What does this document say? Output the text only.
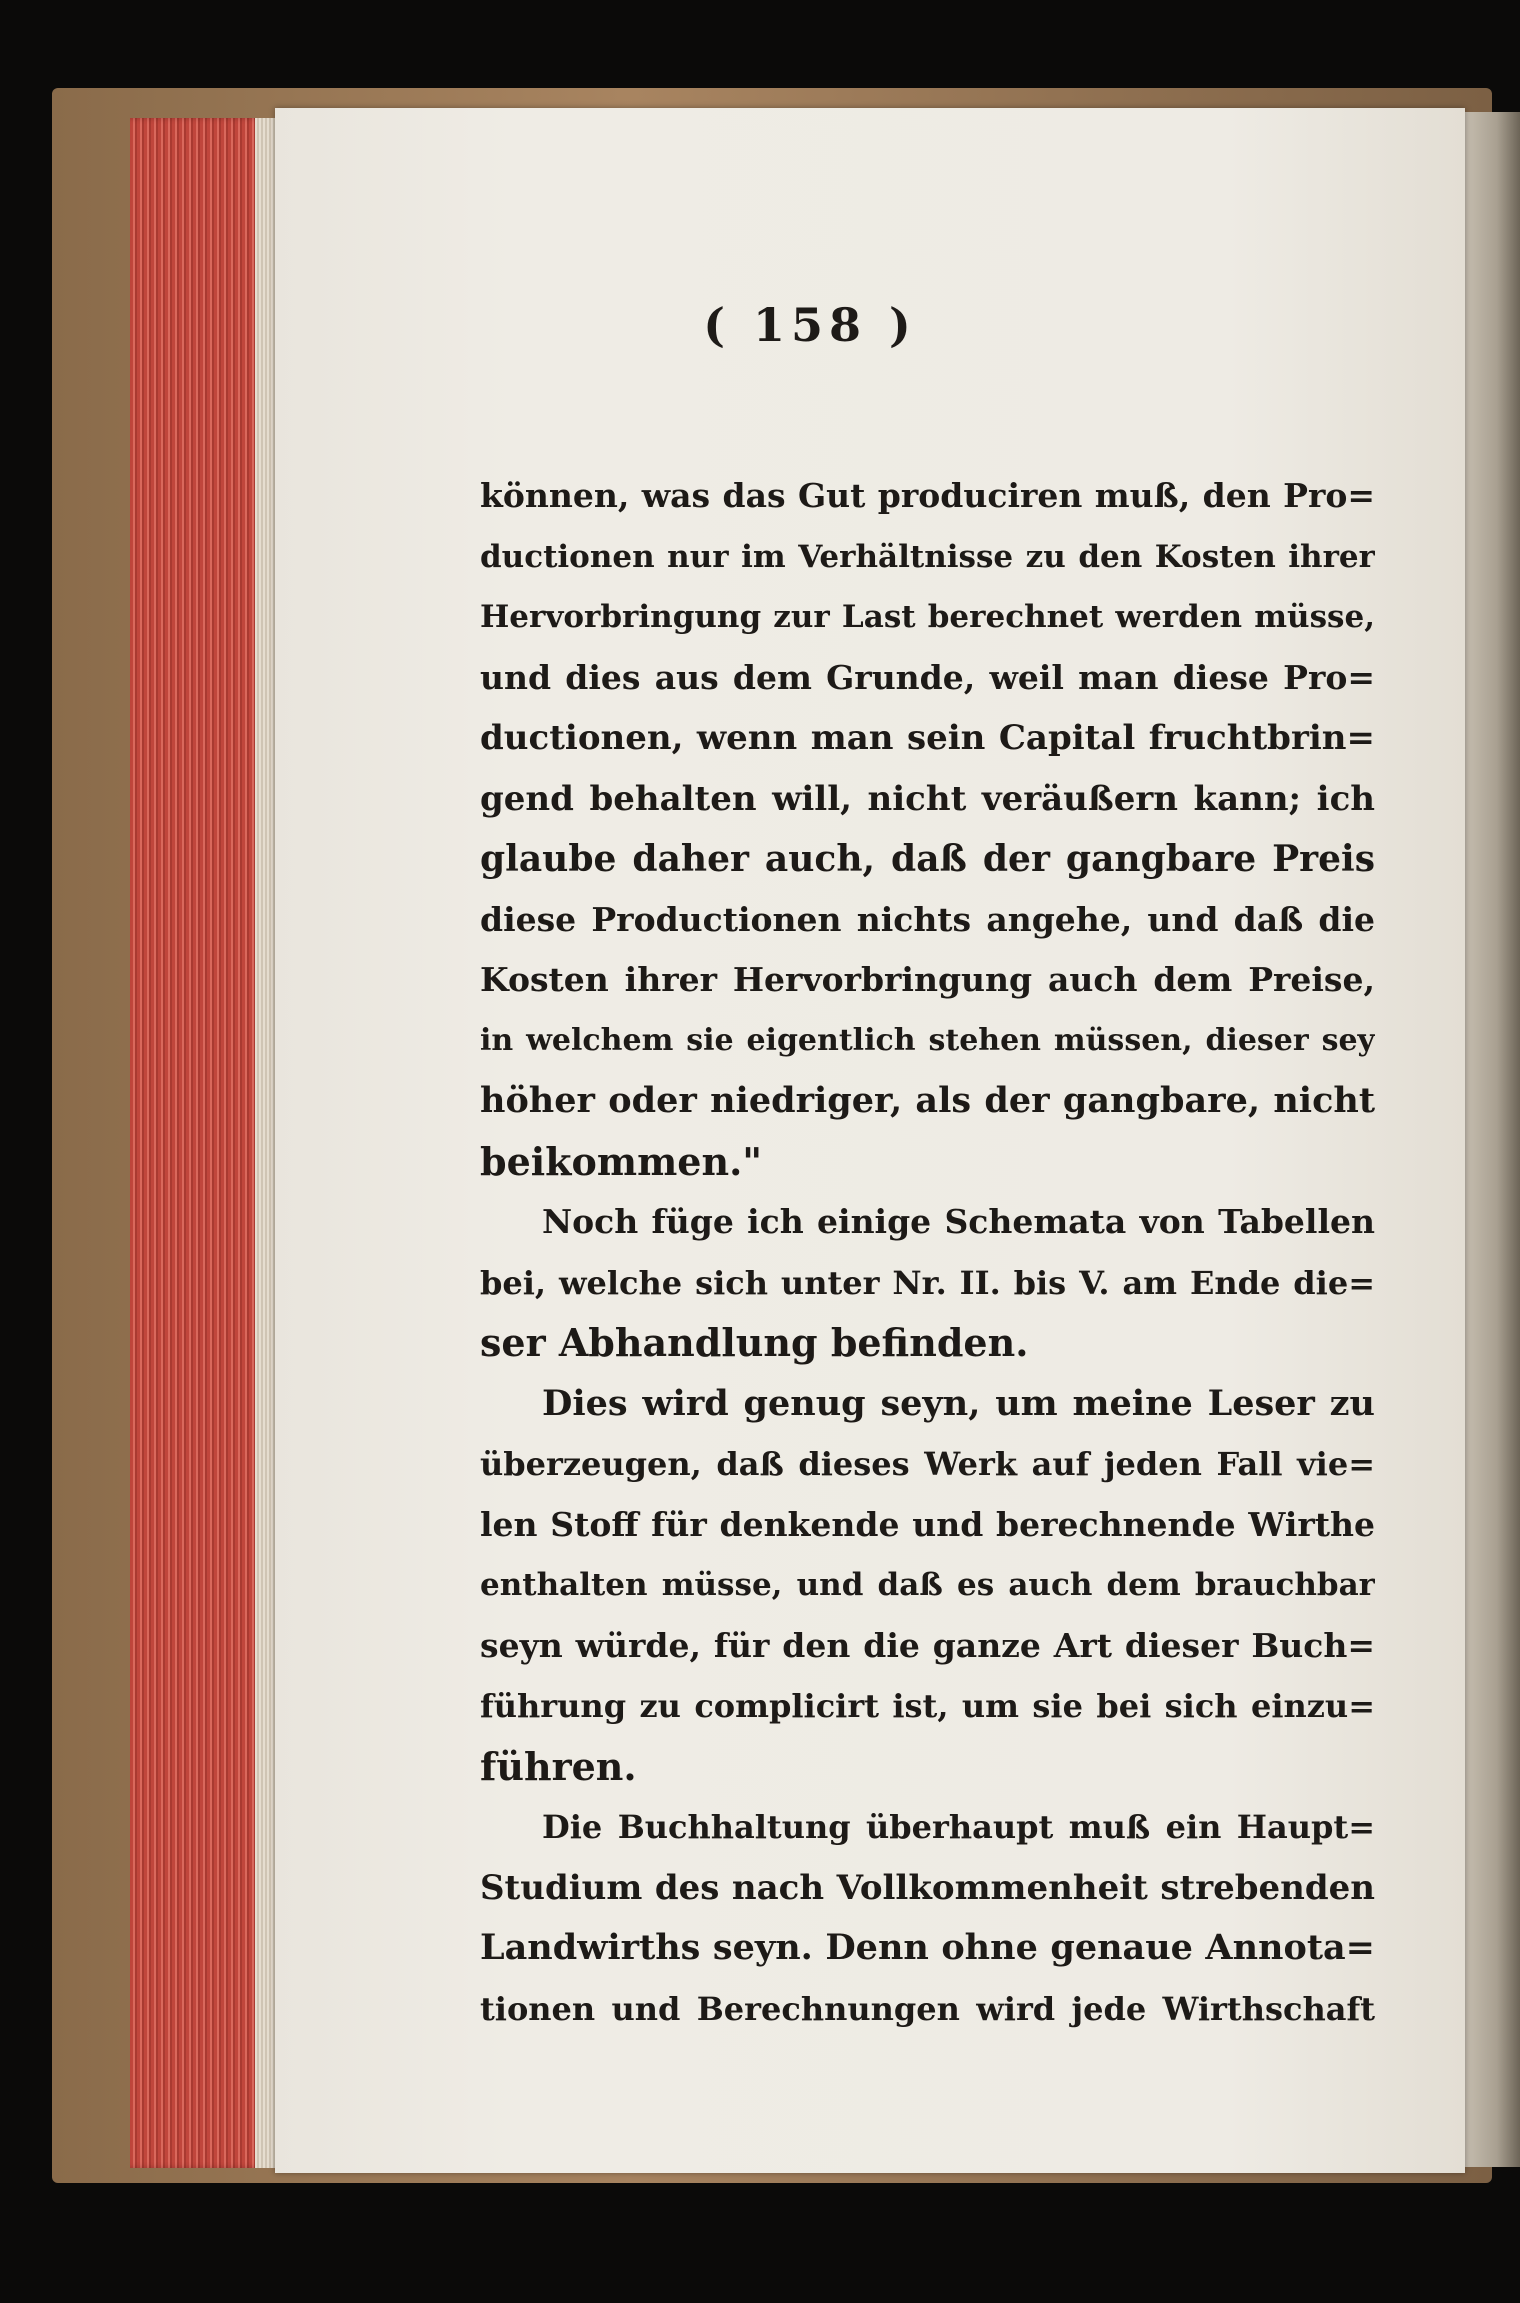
( 158 )
können, was das Gut produciren muß, den Pro=
ductionen nur im Verhältnisse zu den Kosten ihrer
Hervorbringung zur Last berechnet werden müsse,
und dies aus dem Grunde, weil man diese Pro=
ductionen, wenn man sein Capital fruchtbrin=
gend behalten will, nicht veräußern kann; ich
glaube daher auch, daß der gangbare Preis
diese Productionen nichts angehe, und daß die
Kosten ihrer Hervorbringung auch dem Preise,
in welchem sie eigentlich stehen müssen, dieser sey
höher oder niedriger, als der gangbare, nicht
beikommen."
Noch füge ich einige Schemata von Tabellen
bei, welche sich unter Nr. II. bis V. am Ende die=
ser Abhandlung befinden.
Dies wird genug seyn, um meine Leser zu
überzeugen, daß dieses Werk auf jeden Fall vie=
len Stoff für denkende und berechnende Wirthe
enthalten müsse, und daß es auch dem brauchbar
seyn würde, für den die ganze Art dieser Buch=
führung zu complicirt ist, um sie bei sich einzu=
führen.
Die Buchhaltung überhaupt muß ein Haupt=
Studium des nach Vollkommenheit strebenden
Landwirths seyn. Denn ohne genaue Annota=
tionen und Berechnungen wird jede Wirthschaft
